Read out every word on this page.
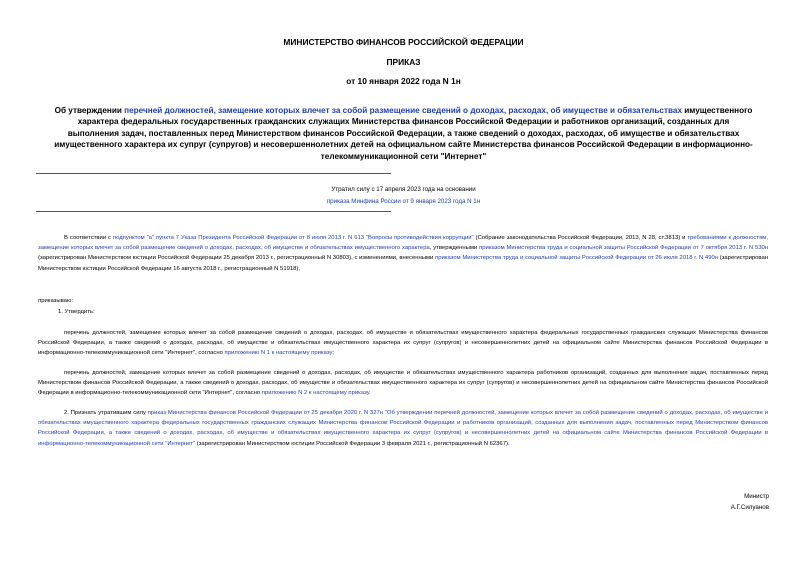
МИНИСТЕРСТВО ФИНАНСОВ РОССИЙСКОЙ ФЕДЕРАЦИИ
ПРИКАЗ
от 10 января 2022 года N 1н
Об утверждении перечней должностей, замещение которых влечет за собой размещение сведений о доходах, расходах, об имуществе и обязательствах имущественного характера федеральных государственных гражданских служащих Министерства финансов Российской Федерации и работников организаций, созданных для выполнения задач, поставленных перед Министерством финансов Российской Федерации, а также сведений о доходах, расходах, об имуществе и обязательствах имущественного характера их супруг (супругов) и несовершеннолетних детей на официальном сайте Министерства финансов Российской Федерации в информационно-телекоммуникационной сети "Интернет"
Утратил силу с 17 апреля 2023 года на основании
приказа Минфина России от 9 января 2023 года N 1н
В соответствии с подпунктом "а" пункта 7 Указа Президента Российской Федерации от 8 июля 2013 г. N 613 "Вопросы противодействия коррупции" (Собрание законодательства Российской Федерации, 2013, N 28, ст.3813) и требованиями к должностям, замещение которых влечет за собой размещение сведений о доходах, расходах, об имуществе и обязательствах имущественного характера, утвержденными приказом Министерства труда и социальной защиты Российской Федерации от 7 октября 2013 г. N 530н (зарегистрирован Министерством юстиции Российской Федерации 25 декабря 2013 г., регистрационный N 30803), с изменениями, внесенными приказом Министерства труда и социальной защиты Российской Федерации от 26 июля 2018 г. N 490н (зарегистрирован Министерством юстиции Российской Федерации 16 августа 2018 г., регистрационный N 51918),
приказываю:
1. Утвердить:
перечень должностей, замещение которых влечет за собой размещение сведений о доходах, расходах, об имуществе и обязательствах имущественного характера федеральных государственных гражданских служащих Министерства финансов Российской Федерации, а также сведений о доходах, расходах, об имуществе и обязательствах имущественного характера их супруг (супругов) и несовершеннолетних детей на официальном сайте Министерства финансов Российской Федерации в информационно-телекоммуникационной сети "Интернет", согласно приложению N 1 к настоящему приказу;
перечень должностей, замещение которых влечет за собой размещение сведений о доходах, расходах, об имуществе и обязательствах имущественного характера работников организаций, созданных для выполнения задач, поставленных перед Министерством финансов Российской Федерации, а также сведений о доходах, расходах, об имуществе и обязательствах имущественного характера их супруг (супругов) и несовершеннолетних детей на официальном сайте Министерства финансов Российской Федерации в информационно-телекоммуникационной сети "Интернет", согласно приложению N 2 к настоящему приказу.
2. Признать утратившим силу приказ Министерства финансов Российской Федерации от 25 декабря 2020 г. N 327н "Об утверждении перечней должностей, замещение которых влечет за собой размещение сведений о доходах, расходах, об имуществе и обязательствах имущественного характера федеральных государственных гражданских служащих Министерства финансов Российской Федерации и работников организаций, созданных для выполнения задач, поставленных перед Министерством финансов Российской Федерации, а также сведений о доходах, расходах, об имуществе и обязательствах имущественного характера их супруг (супругов) и несовершеннолетних детей на официальном сайте Министерства финансов Российской Федерации в информационно-телекоммуникационной сети "Интернет" (зарегистрирован Министерством юстиции Российской Федерации 3 февраля 2021 г., регистрационный N 62367).
Министр
А.Г.Силуанов
